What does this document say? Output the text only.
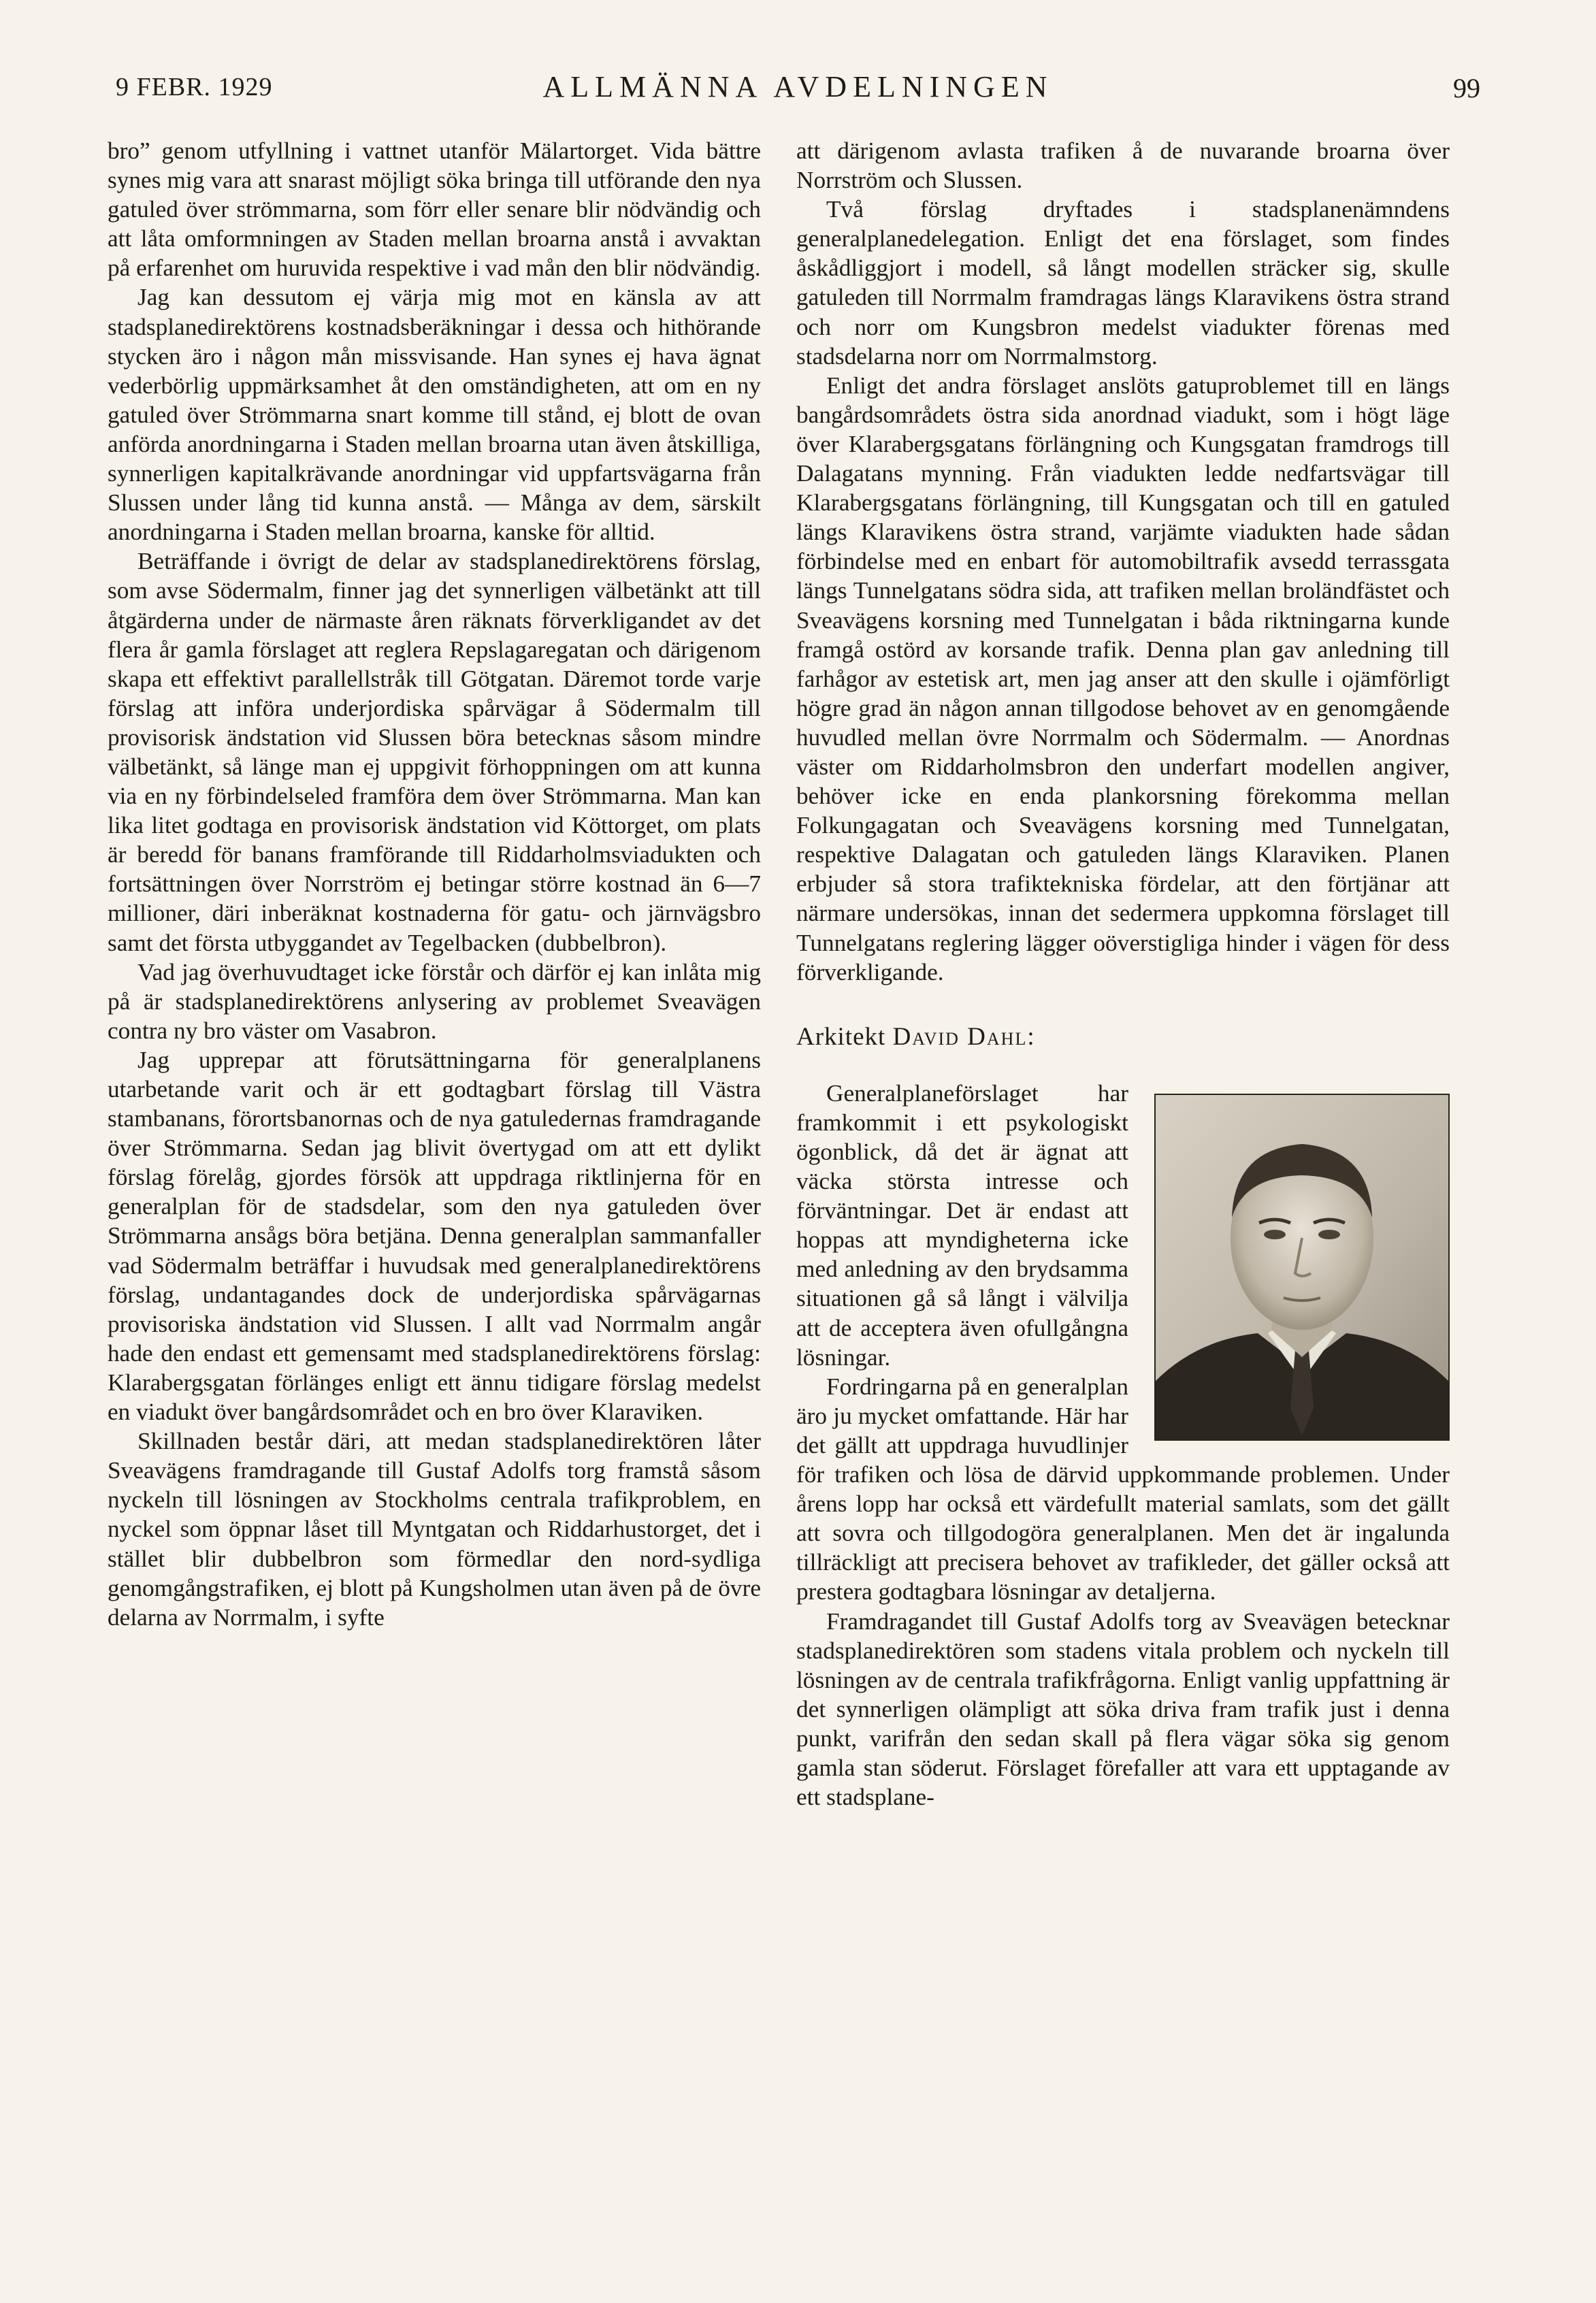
9 FEBR. 1929	ALLMÄNNA AVDELNINGEN	99

bro” genom utfyllning i vattnet utanför Mälartorget. Vida bättre synes mig vara att snarast möjligt söka bringa till utförande den nya gatuled över strömmarna, som förr eller senare blir nödvändig och att låta omformningen av Staden mellan broarna anstå i avvaktan på erfarenhet om huruvida respektive i vad mån den blir nödvändig.

Jag kan dessutom ej värja mig mot en känsla av att stadsplanedirektörens kostnadsberäkningar i dessa och hithörande stycken äro i någon mån missvisande. Han synes ej hava ägnat vederbörlig uppmärksamhet åt den omständigheten, att om en ny gatuled över Strömmarna snart komme till stånd, ej blott de ovan anförda anordningarna i Staden mellan broarna utan även åtskilliga, synnerligen kapitalkrävande anordningar vid uppfartsvägarna från Slussen under lång tid kunna anstå. — Många av dem, särskilt anordningarna i Staden mellan broarna, kanske för alltid.

Beträffande i övrigt de delar av stadsplanedirektörens förslag, som avse Södermalm, finner jag det synnerligen välbetänkt att till åtgärderna under de närmaste åren räknats förverkligandet av det flera år gamla förslaget att reglera Repslagaregatan och därigenom skapa ett effektivt parallellstråk till Götgatan. Däremot torde varje förslag att införa underjordiska spårvägar å Södermalm till provisorisk ändstation vid Slussen böra betecknas såsom mindre välbetänkt, så länge man ej uppgivit förhoppningen om att kunna via en ny förbindelseled framföra dem över Strömmarna. Man kan lika litet godtaga en provisorisk ändstation vid Köttorget, om plats är beredd för banans framförande till Riddarholmsviadukten och fortsättningen över Norrström ej betingar större kostnad än 6—7 millioner, däri inberäknat kostnaderna för gatu- och järnvägsbro samt det första utbyggandet av Tegelbacken (dubbelbron).

Vad jag överhuvudtaget icke förstår och därför ej kan inlåta mig på är stadsplanedirektörens anlysering av problemet Sveavägen contra ny bro väster om Vasabron.

Jag upprepar att förutsättningarna för generalplanens utarbetande varit och är ett godtagbart förslag till Västra stambanans, förortsbanornas och de nya gatuledernas framdragande över Strömmarna. Sedan jag blivit övertygad om att ett dylikt förslag förelåg, gjordes försök att uppdraga riktlinjerna för en generalplan för de stadsdelar, som den nya gatuleden över Strömmarna ansågs böra betjäna. Denna generalplan sammanfaller vad Södermalm beträffar i huvudsak med generalplanedirektörens förslag, undantagandes dock de underjordiska spårvägarnas provisoriska ändstation vid Slussen. I allt vad Norrmalm angår hade den endast ett gemensamt med stadsplanedirektörens förslag: Klarabergsgatan förlänges enligt ett ännu tidigare förslag medelst en viadukt över bangårdsområdet och en bro över Klaraviken.

Skillnaden består däri, att medan stadsplanedirektören låter Sveavägens framdragande till Gustaf Adolfs torg framstå såsom nyckeln till lösningen av Stockholms centrala trafikproblem, en nyckel som öppnar låset till Myntgatan och Riddarhustorget, det i stället blir dubbelbron som förmedlar den nord-sydliga genomgångstrafiken, ej blott på Kungsholmen utan även på de övre delarna av Norrmalm, i syfte

att därigenom avlasta trafiken å de nuvarande broarna över Norrström och Slussen.

Två förslag dryftades i stadsplanenämndens generalplanedelegation. Enligt det ena förslaget, som findes åskådliggjort i modell, så långt modellen sträcker sig, skulle gatuleden till Norrmalm framdragas längs Klaravikens östra strand och norr om Kungsbron medelst viadukter förenas med stadsdelarna norr om Norrmalmstorg.

Enligt det andra förslaget anslöts gatuproblemet till en längs bangårdsområdets östra sida anordnad viadukt, som i högt läge över Klarabergsgatans förlängning och Kungsgatan framdrogs till Dalagatans mynning. Från viadukten ledde nedfartsvägar till Klarabergsgatans förlängning, till Kungsgatan och till en gatuled längs Klaravikens östra strand, varjämte viadukten hade sådan förbindelse med en enbart för automobiltrafik avsedd terrassgata längs Tunnelgatans södra sida, att trafiken mellan broländfästet och Sveavägens korsning med Tunnelgatan i båda riktningarna kunde framgå ostörd av korsande trafik. Denna plan gav anledning till farhågor av estetisk art, men jag anser att den skulle i ojämförligt högre grad än någon annan tillgodose behovet av en genomgående huvudled mellan övre Norrmalm och Södermalm. — Anordnas väster om Riddarholmsbron den underfart modellen angiver, behöver icke en enda plankorsning förekomma mellan Folkungagatan och Sveavägens korsning med Tunnelgatan, respektive Dalagatan och gatuleden längs Klaraviken. Planen erbjuder så stora trafiktekniska fördelar, att den förtjänar att närmare undersökas, innan det sedermera uppkomna förslaget till Tunnelgatans reglering lägger oöverstigliga hinder i vägen för dess förverkligande.

Arkitekt David Dahl:

Generalplaneförslaget har framkommit i ett psykologiskt ögonblick, då det är ägnat att väcka största intresse och förväntningar. Det är endast att hoppas att myndigheterna icke med anledning av den brydsamma situationen gå så långt i välvilja att de acceptera även ofullgångna lösningar.

Fordringarna på en generalplan äro ju mycket omfattande. Här har det gällt att uppdraga huvudlinjer för trafiken och lösa de därvid uppkommande problemen. Under årens lopp har också ett värdefullt material samlats, som det gällt att sovra och tillgodogöra generalplanen. Men det är ingalunda tillräckligt att precisera behovet av trafikleder, det gäller också att prestera godtagbara lösningar av detaljerna.

Framdragandet till Gustaf Adolfs torg av Sveavägen betecknar stadsplanedirektören som stadens vitala problem och nyckeln till lösningen av de centrala trafikfrågorna. Enligt vanlig uppfattning är det synnerligen olämpligt att söka driva fram trafik just i denna punkt, varifrån den sedan skall på flera vägar söka sig genom gamla stan söderut. Förslaget förefaller att vara ett upptagande av ett stadsplane-
